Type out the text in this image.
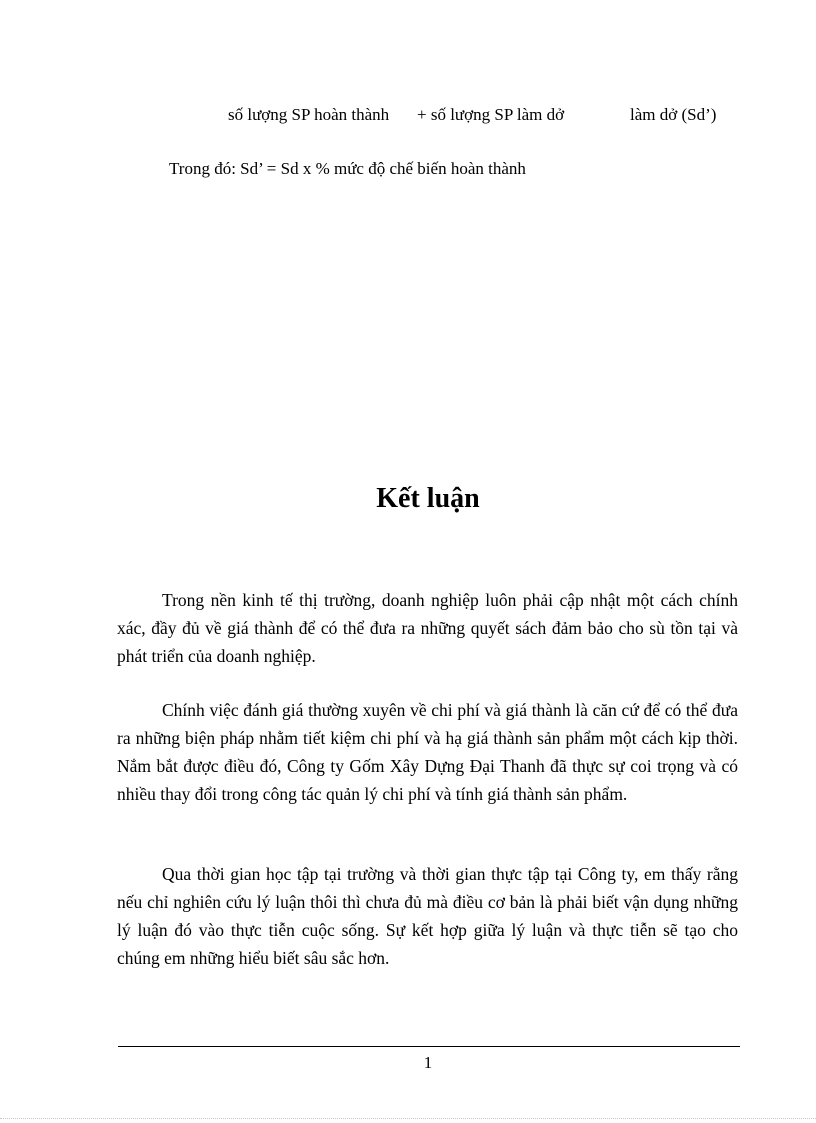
số lượng SP hoàn thành + số lượng SP làm dở	làm dở (Sd’)
Trong đó: Sd’ = Sd x % mức độ chế biến hoàn thành
Kết luận

Trong nền kinh tế thị trường, doanh nghiệp luôn phải cập nhật một cách chính xác, đầy đủ về giá thành để có thể đưa ra những quyết sách đảm bảo cho sù tồn tại và phát triển của doanh nghiệp.

Chính việc đánh giá thường xuyên về chi phí và giá thành là căn cứ để có thể đưa ra những biện pháp nhằm tiết kiệm chi phí và hạ giá thành sản phẩm một cách kịp thời. Nắm bắt được điều đó, Công ty Gốm Xây Dựng Đại Thanh đã thực sự coi trọng và có nhiều thay đổi trong công tác quản lý chi phí và tính giá thành sản phẩm.

Qua thời gian học tập tại trường và thời gian thực tập tại Công ty, em thấy rằng nếu chỉ nghiên cứu lý luận thôi thì chưa đủ mà điều cơ bản là phải biết vận dụng những lý luận đó vào thực tiễn cuộc sống. Sự kết hợp giữa lý luận và thực tiễn sẽ tạo cho chúng em những hiểu biết sâu sắc hơn.

1
